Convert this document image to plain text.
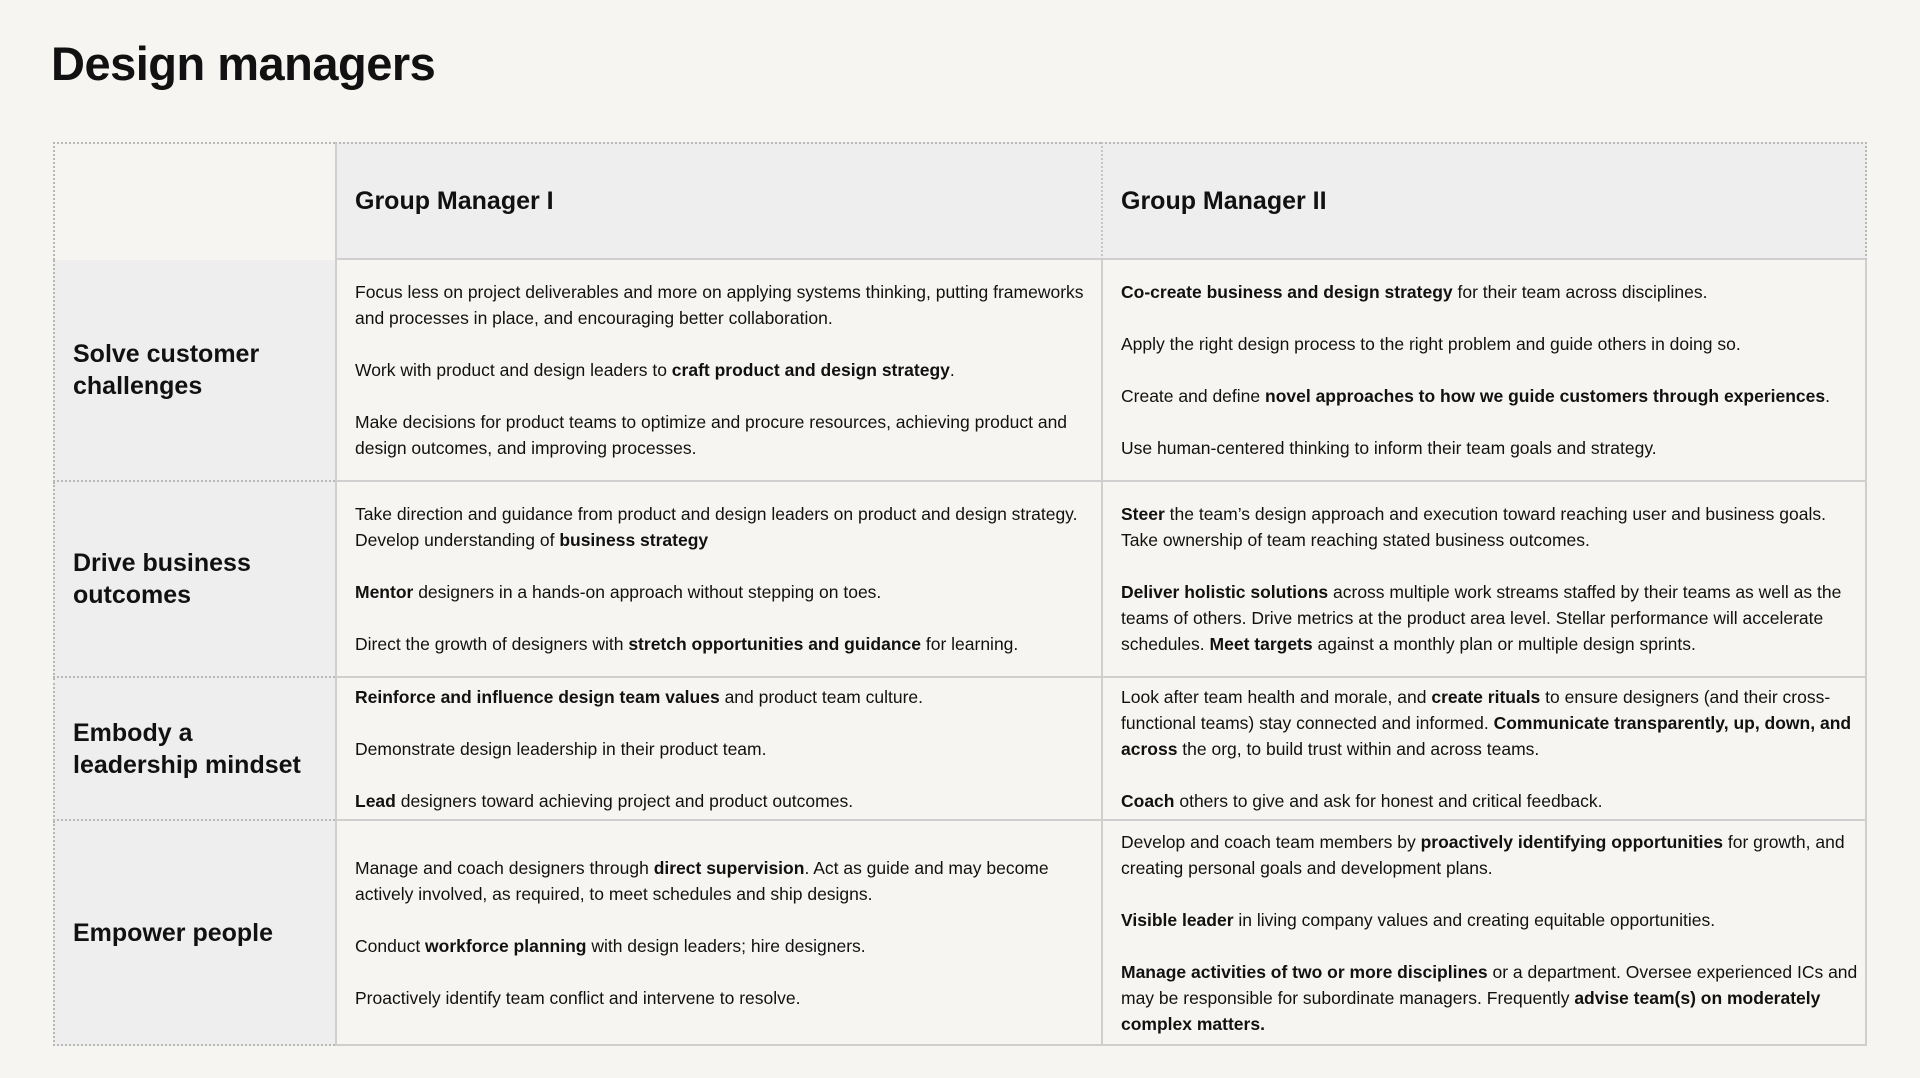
Design managers
Group Manager I	Group Manager II
Solve customer challenges

Focus less on project deliverables and more on applying systems thinking, putting frameworks and processes in place, and encouraging better collaboration.

Work with product and design leaders to craft product and design strategy.

Make decisions for product teams to optimize and procure resources, achieving product and design outcomes, and improving processes.

Co-create business and design strategy for their team across disciplines.

Apply the right design process to the right problem and guide others in doing so.

Create and define novel approaches to how we guide customers through experiences.

Use human-centered thinking to inform their team goals and strategy.

Drive business outcomes

Take direction and guidance from product and design leaders on product and design strategy. Develop understanding of business strategy

Mentor designers in a hands-on approach without stepping on toes.

Direct the growth of designers with stretch opportunities and guidance for learning.

Steer the team’s design approach and execution toward reaching user and business goals. Take ownership of team reaching stated business outcomes.

Deliver holistic solutions across multiple work streams staffed by their teams as well as the teams of others. Drive metrics at the product area level. Stellar performance will accelerate schedules. Meet targets against a monthly plan or multiple design sprints.

Embody a leadership mindset

Reinforce and influence design team values and product team culture.

Demonstrate design leadership in their product team.

Lead designers toward achieving project and product outcomes.

Look after team health and morale, and create rituals to ensure designers (and their cross-functional teams) stay connected and informed. Communicate transparently, up, down, and across the org, to build trust within and across teams.

Coach others to give and ask for honest and critical feedback.

Empower people

Manage and coach designers through direct supervision. Act as guide and may become actively involved, as required, to meet schedules and ship designs.

Conduct workforce planning with design leaders; hire designers.

Proactively identify team conflict and intervene to resolve.

Develop and coach team members by proactively identifying opportunities for growth, and creating personal goals and development plans.

Visible leader in living company values and creating equitable opportunities.

Manage activities of two or more disciplines or a department. Oversee experienced ICs and may be responsible for subordinate managers. Frequently advise team(s) on moderately complex matters.
